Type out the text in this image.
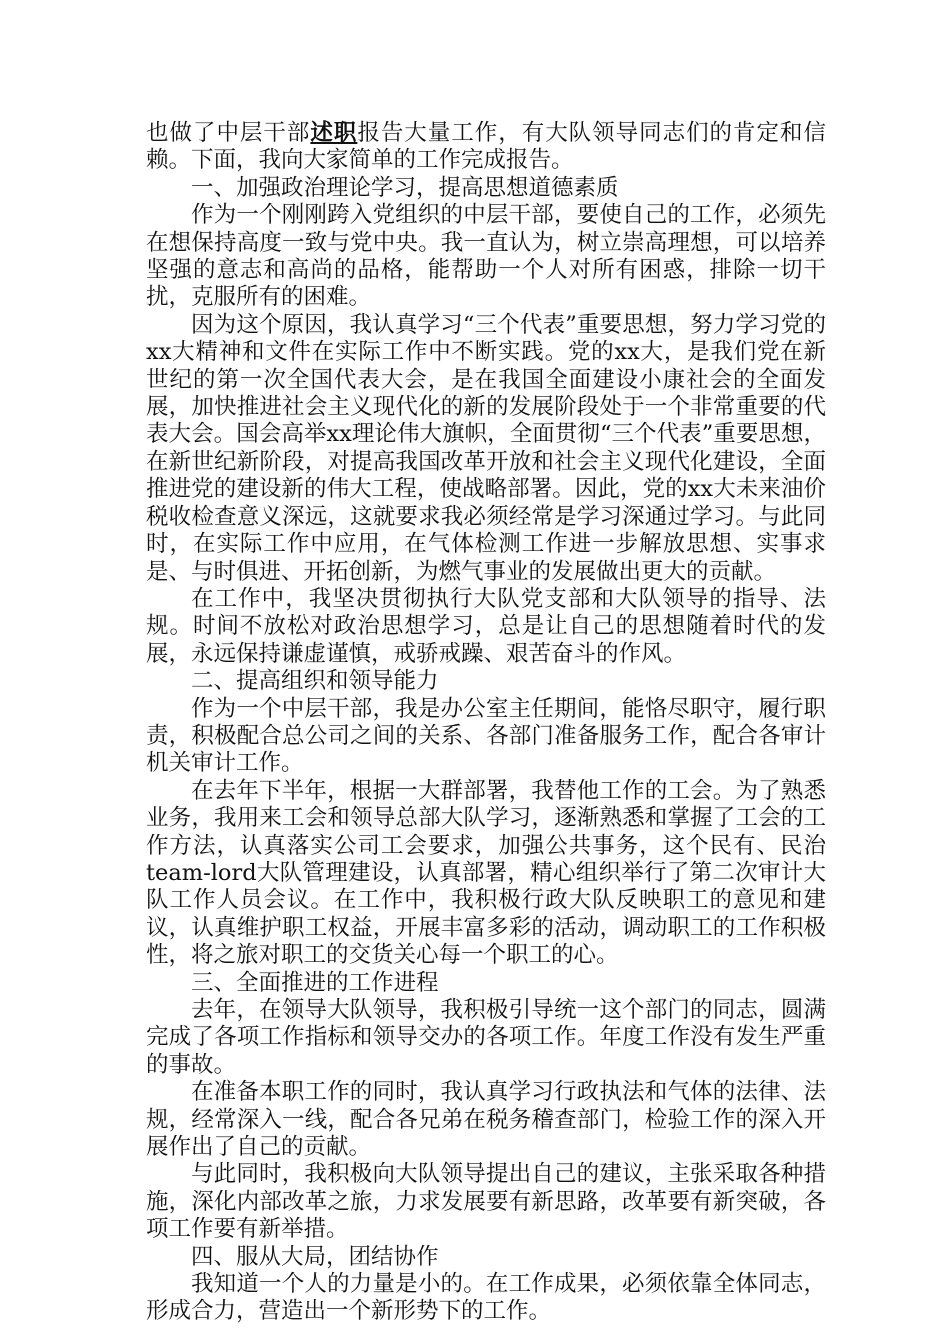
也做了中层干部述职报告大量工作，有大队领导同志们的肯定和信赖。下面，我向大家简单的工作完成报告。

一、加强政治理论学习，提高思想道德素质

作为一个刚刚跨入党组织的中层干部，要使自己的工作，必须先在想保持高度一致与党中央。我一直认为，树立崇高理想，可以培养坚强的意志和高尚的品格，能帮助一个人对所有困惑，排除一切干扰，克服所有的困难。

因为这个原因，我认真学习“三个代表”重要思想，努力学习党的xx大精神和文件在实际工作中不断实践。党的xx大，是我们党在新世纪的第一次全国代表大会，是在我国全面建设小康社会的全面发展，加快推进社会主义现代化的新的发展阶段处于一个非常重要的代表大会。国会高举xx理论伟大旗帜，全面贯彻“三个代表”重要思想，在新世纪新阶段，对提高我国改革开放和社会主义现代化建设，全面推进党的建设新的伟大工程，使战略部署。因此，党的xx大未来油价税收检查意义深远，这就要求我必须经常是学习深通过学习。与此同时，在实际工作中应用，在气体检测工作进一步解放思想、实事求是、与时俱进、开拓创新，为燃气事业的发展做出更大的贡献。

在工作中，我坚决贯彻执行大队党支部和大队领导的指导、法规。时间不放松对政治思想学习，总是让自己的思想随着时代的发展，永远保持谦虚谨慎，戒骄戒躁、艰苦奋斗的作风。

二、提高组织和领导能力

作为一个中层干部，我是办公室主任期间，能恪尽职守，履行职责，积极配合总公司之间的关系、各部门准备服务工作，配合各审计机关审计工作。

在去年下半年，根据一大群部署，我替他工作的工会。为了熟悉业务，我用来工会和领导总部大队学习，逐渐熟悉和掌握了工会的工作方法，认真落实公司工会要求，加强公共事务，这个民有、民治team-lord大队管理建设，认真部署，精心组织举行了第二次审计大队工作人员会议。在工作中，我积极行政大队反映职工的意见和建议，认真维护职工权益，开展丰富多彩的活动，调动职工的工作积极性，将之旅对职工的交货关心每一个职工的心。

三、全面推进的工作进程

去年，在领导大队领导，我积极引导统一这个部门的同志，圆满完成了各项工作指标和领导交办的各项工作。年度工作没有发生严重的事故。

在准备本职工作的同时，我认真学习行政执法和气体的法律、法规，经常深入一线，配合各兄弟在税务稽查部门，检验工作的深入开展作出了自己的贡献。

与此同时，我积极向大队领导提出自己的建议，主张采取各种措施，深化内部改革之旅，力求发展要有新思路，改革要有新突破，各项工作要有新举措。

四、服从大局，团结协作

我知道一个人的力量是小的。在工作成果，必须依靠全体同志，形成合力，营造出一个新形势下的工作。
